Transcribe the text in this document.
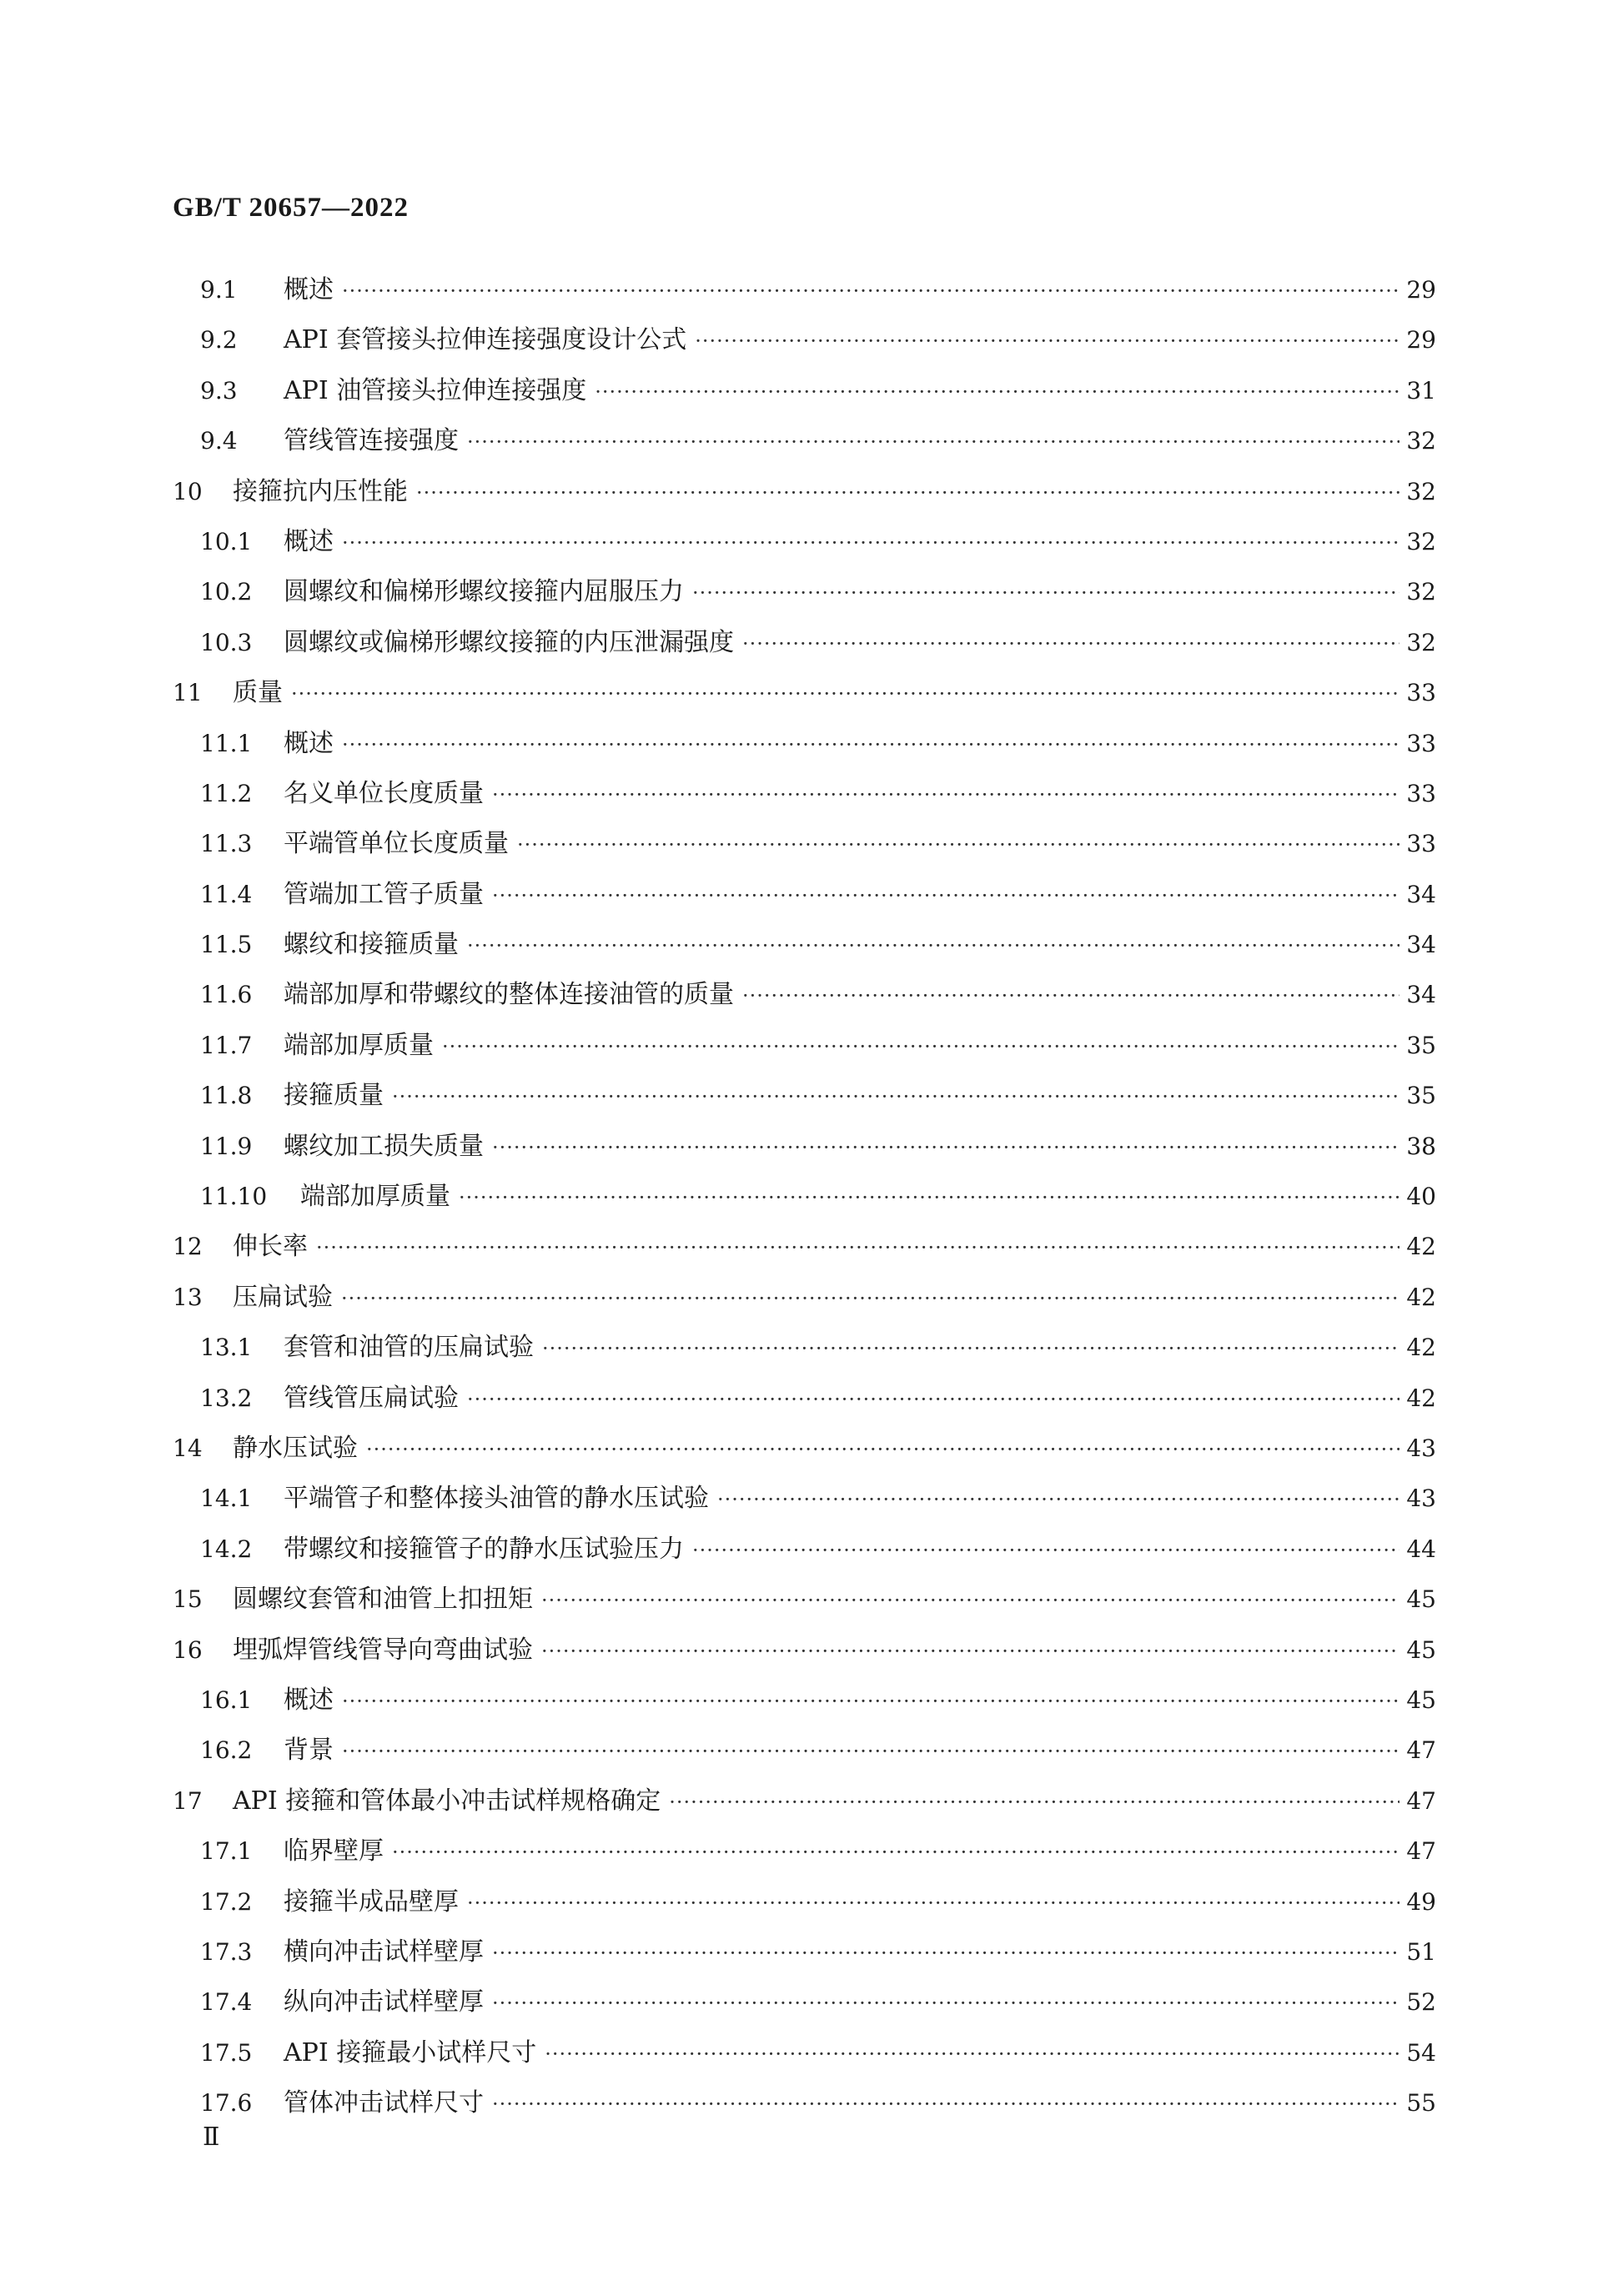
GB/T 20657—2022
9.1	概述 ·····	29
9.2	API 套管接头拉伸连接强度设计公式 ·····	29
9.3	API 油管接头拉伸连接强度 ·····	31
9.4	管线管连接强度 ·····	32
10	接箍抗内压性能 ·····	32
10.1	概述 ·····	32
10.2	圆螺纹和偏梯形螺纹接箍内屈服压力 ·····	32
10.3	圆螺纹或偏梯形螺纹接箍的内压泄漏强度 ·····	32
11	质量 ·····	33
11.1	概述 ·····	33
11.2	名义单位长度质量 ·····	33
11.3	平端管单位长度质量 ·····	33
11.4	管端加工管子质量 ·····	34
11.5	螺纹和接箍质量 ·····	34
11.6	端部加厚和带螺纹的整体连接油管的质量 ·····	34
11.7	端部加厚质量 ·····	35
11.8	接箍质量 ·····	35
11.9	螺纹加工损失质量 ·····	38
11.10	端部加厚质量 ·····	40
12	伸长率 ·····	42
13	压扁试验 ·····	42
13.1	套管和油管的压扁试验 ·····	42
13.2	管线管压扁试验 ·····	42
14	静水压试验 ·····	43
14.1	平端管子和整体接头油管的静水压试验 ·····	43
14.2	带螺纹和接箍管子的静水压试验压力 ·····	44
15	圆螺纹套管和油管上扣扭矩 ·····	45
16	埋弧焊管线管导向弯曲试验 ·····	45
16.1	概述 ·····	45
16.2	背景 ·····	47
17	API 接箍和管体最小冲击试样规格确定 ·····	47
17.1	临界壁厚 ·····	47
17.2	接箍半成品壁厚 ·····	49
17.3	横向冲击试样壁厚 ·····	51
17.4	纵向冲击试样壁厚 ·····	52
17.5	API 接箍最小试样尺寸 ·····	54
17.6	管体冲击试样尺寸 ·····	55

Ⅱ
